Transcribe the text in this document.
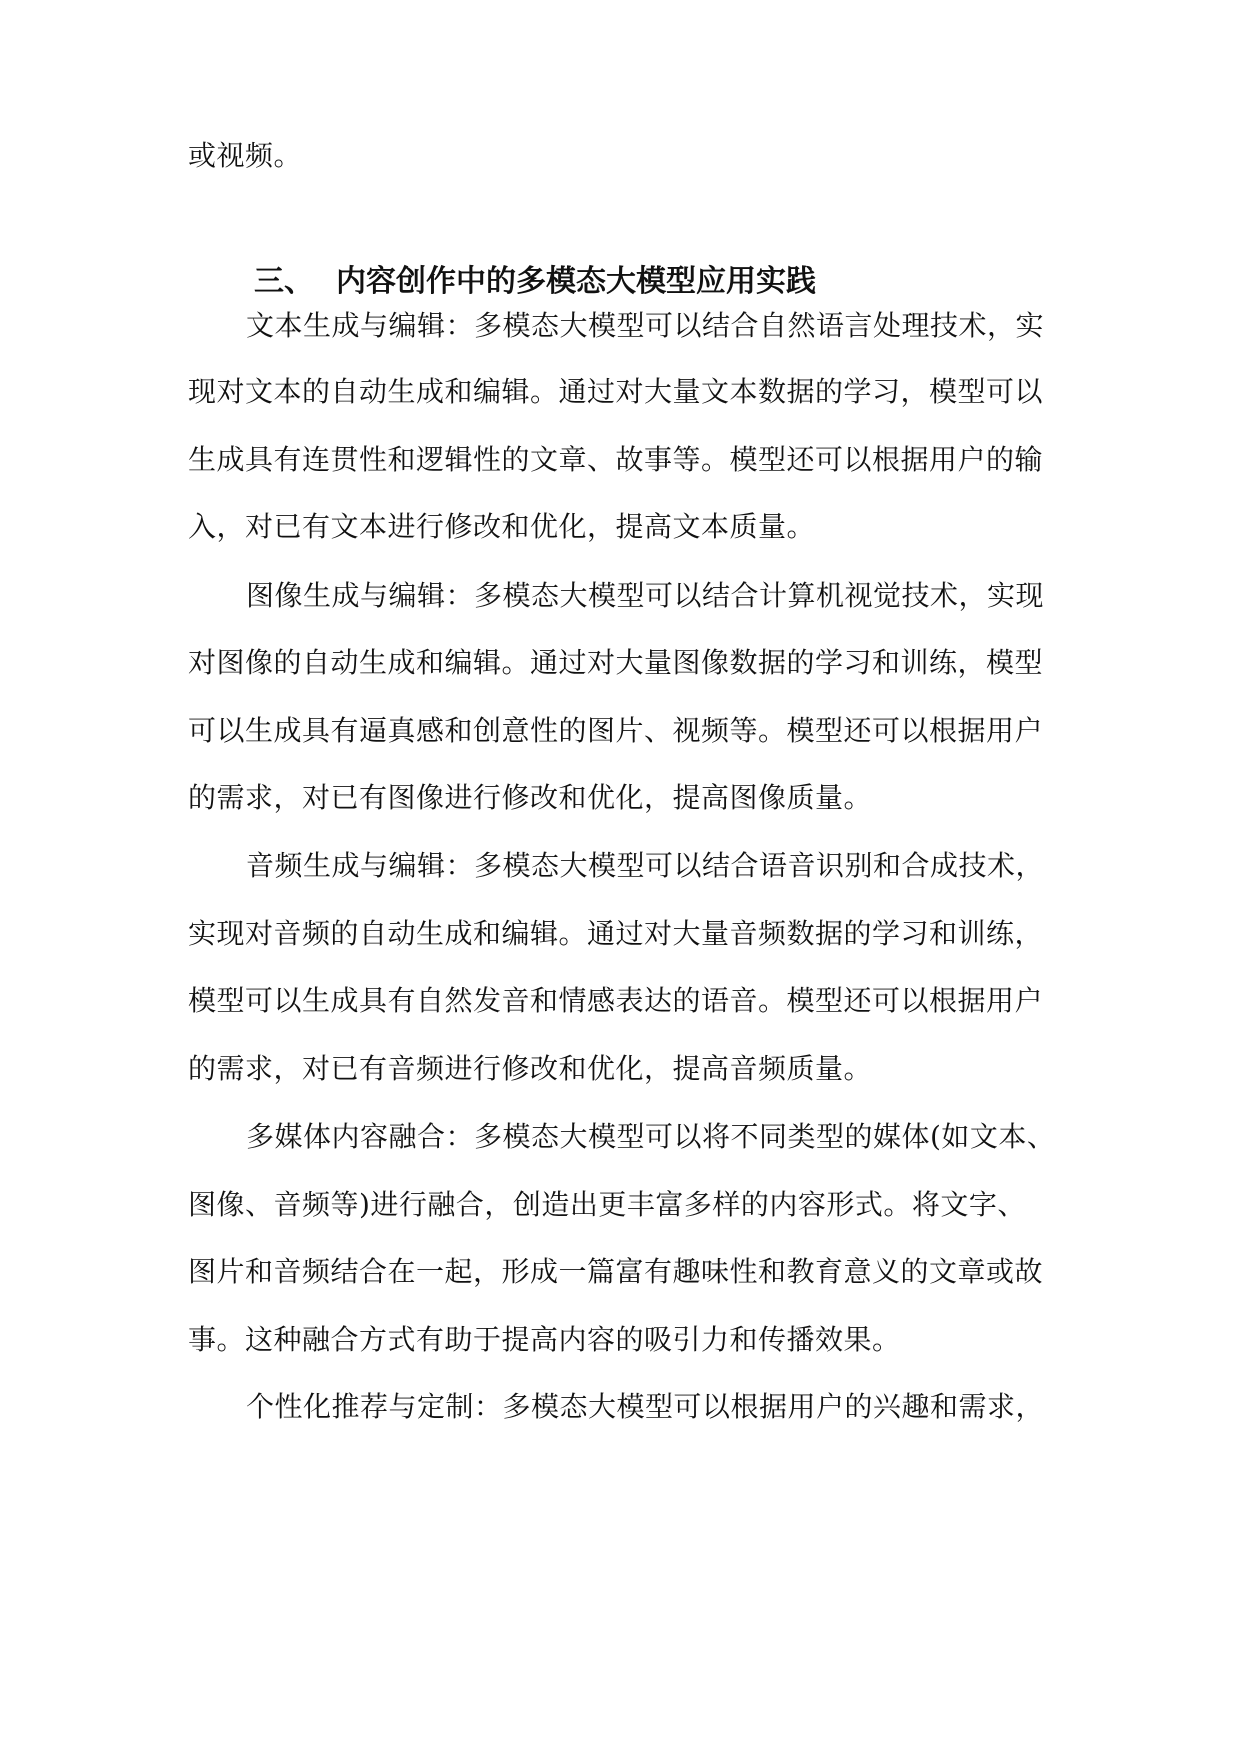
或视频。
三、 内容创作中的多模态大模型应用实践
文本生成与编辑：多模态大模型可以结合自然语言处理技术，实
现对文本的自动生成和编辑。通过对大量文本数据的学习，模型可以
生成具有连贯性和逻辑性的文章、故事等。模型还可以根据用户的输
入，对已有文本进行修改和优化，提高文本质量。
图像生成与编辑：多模态大模型可以结合计算机视觉技术，实现
对图像的自动生成和编辑。通过对大量图像数据的学习和训练，模型
可以生成具有逼真感和创意性的图片、视频等。模型还可以根据用户
的需求，对已有图像进行修改和优化，提高图像质量。
音频生成与编辑：多模态大模型可以结合语音识别和合成技术，
实现对音频的自动生成和编辑。通过对大量音频数据的学习和训练，
模型可以生成具有自然发音和情感表达的语音。模型还可以根据用户
的需求，对已有音频进行修改和优化，提高音频质量。
多媒体内容融合：多模态大模型可以将不同类型的媒体(如文本、
图像、音频等)进行融合，创造出更丰富多样的内容形式。将文字、
图片和音频结合在一起，形成一篇富有趣味性和教育意义的文章或故
事。这种融合方式有助于提高内容的吸引力和传播效果。
个性化推荐与定制：多模态大模型可以根据用户的兴趣和需求，
